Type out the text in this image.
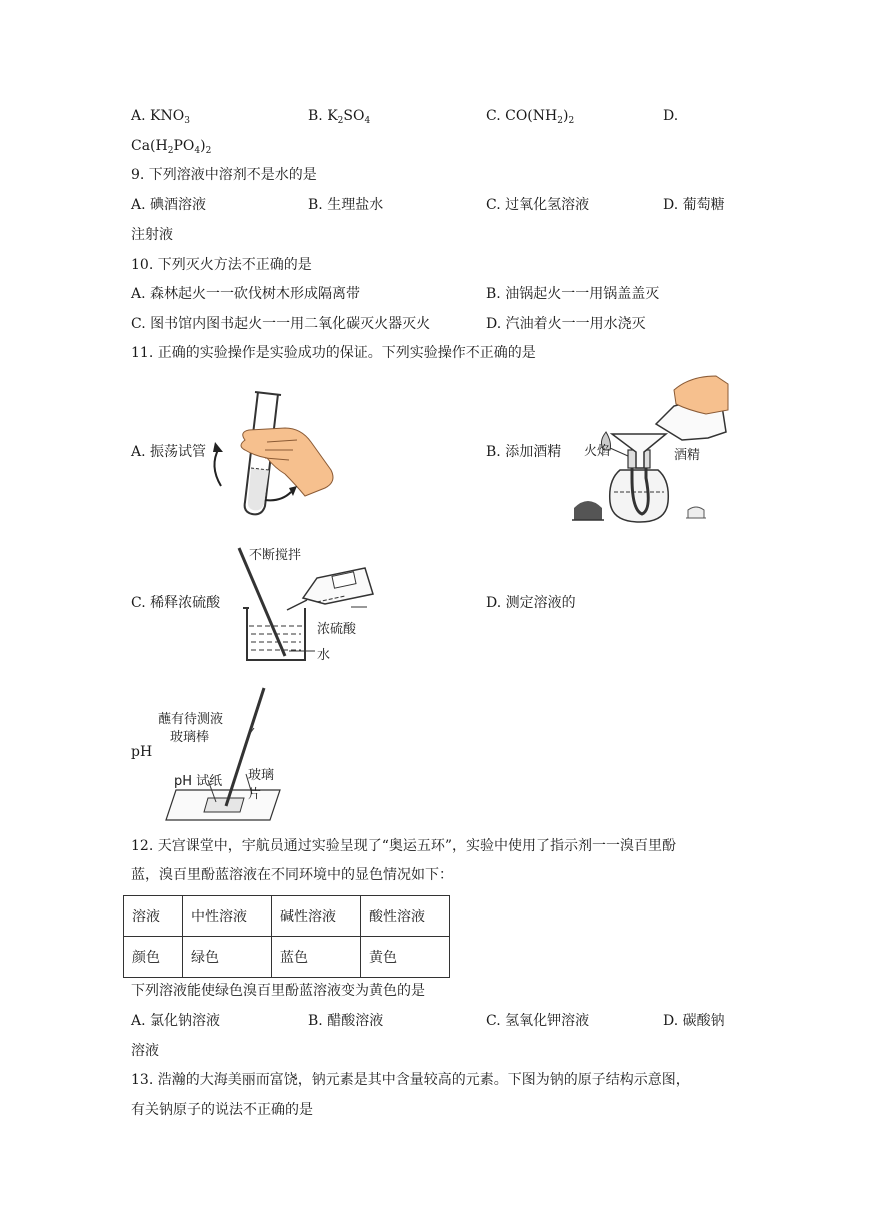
A. $KNO_3$	B. $K_2SO_4$	C. $CO(NH_2)_2$	D.
$Ca(H_2PO_4)_2$
9. 下列溶液中溶剂不是水的是
A. 碘酒溶液	B. 生理盐水	C. 过氧化氢溶液	D. 葡萄糖
注射液
10. 下列灭火方法不正确的是
A. 森林起火一一砍伐树木形成隔离带	B. 油锅起火一一用锅盖盖灭
C. 图书馆内图书起火一一用二氧化碳灭火器灭火	D. 汽油着火一一用水浇灭
11. 正确的实验操作是实验成功的保证。下列实验操作不正确的是
A. 振荡试管	B. 添加酒精 火焰	酒精
C. 稀释浓硫酸
不断搅拌
浓硫酸
水
D. 测定溶液的
pH
蘸有待测液
玻璃棒
pH 试纸 玻璃片
12. 天宫课堂中，宇航员通过实验呈现了“奥运五环”，实验中使用了指示剂一一溴百里酚
蓝，溴百里酚蓝溶液在不同环境中的显色情况如下：
溶液	中性溶液	碱性溶液	酸性溶液
颜色	绿色	蓝色	黄色
下列溶液能使绿色溴百里酚蓝溶液变为黄色的是
A. 氯化钠溶液	B. 醋酸溶液	C. 氢氧化钾溶液	D. 碳酸钠
溶液
13. 浩瀚的大海美丽而富饶，钠元素是其中含量较高的元素。下图为钠的原子结构示意图，
有关钠原子的说法不正确的是
